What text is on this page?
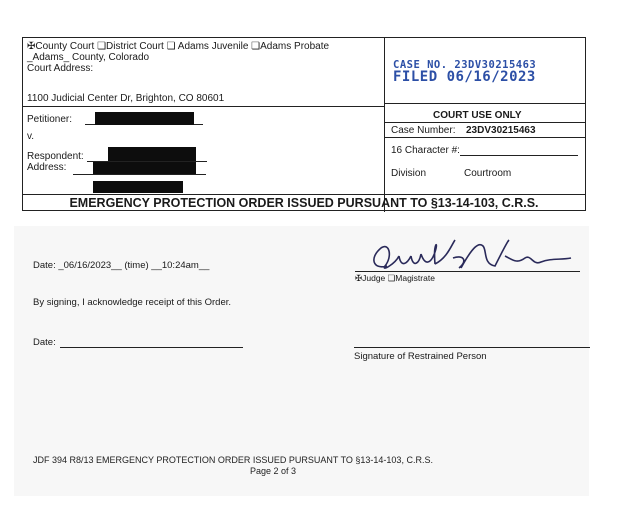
✠County Court ❏District Court ❏ Adams Juvenile ❏Adams Probate
_Adams_ County, Colorado
Court Address:
1100 Judicial Center Dr, Brighton, CO 80601
Petitioner:
v.
Respondent:
Address:
CASE NO. 23DV30215463
FILED 06/16/2023
COURT USE ONLY
Case Number: 23DV30215463
16 Character #:
Division	Courtroom
EMERGENCY PROTECTION ORDER ISSUED PURSUANT TO §13-14-103, C.R.S.
Date: _06/16/2023__ (time) __10:24am__
✠Judge ❏Magistrate
By signing, I acknowledge receipt of this Order.
Date:
Signature of Restrained Person
JDF 394 R8/13 EMERGENCY PROTECTION ORDER ISSUED PURSUANT TO §13-14-103, C.R.S.
Page 2 of 3
